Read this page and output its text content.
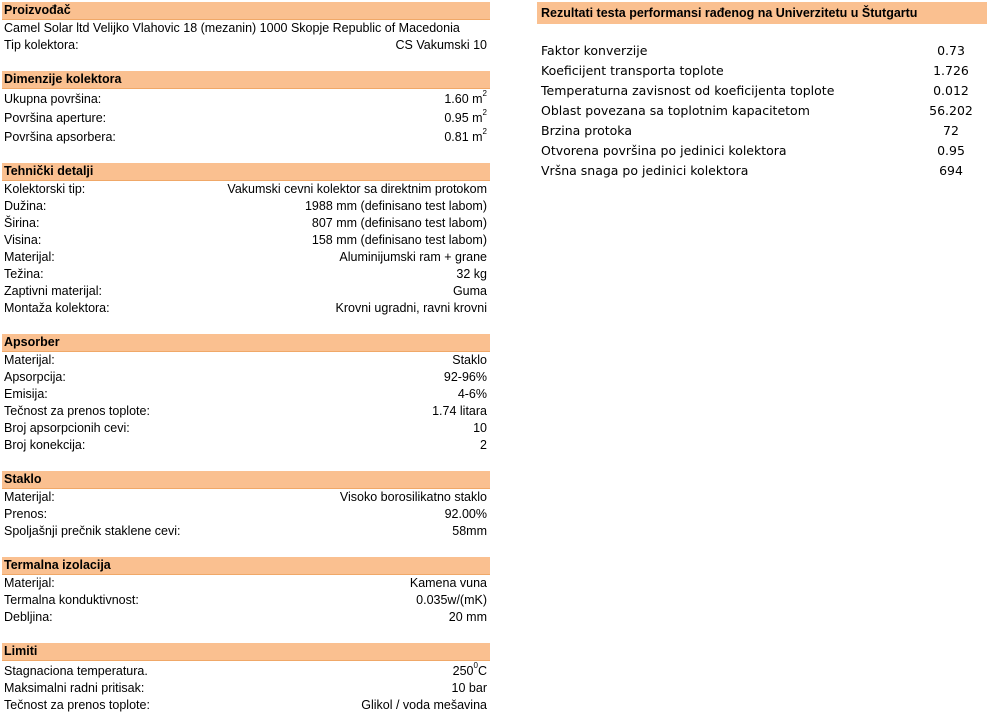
Proizvođač
Camel Solar ltd Velijko Vlahovic 18 (mezanin) 1000 Skopje Republic of Macedonia
Tip kolektora:	CS Vakumski 10
Dimenzije kolektora
Ukupna površina:	1.60 $m^2$
Površina aperture:	0.95 $m^2$
Površina apsorbera:	0.81 $m^2$
Tehnički detalji
Kolektorski tip:	Vakumski cevni kolektor sa direktnim protokom
Dužina:	1988 mm (definisano test labom)
Širina:	807 mm (definisano test labom)
Visina:	158 mm (definisano test labom)
Materijal:	Aluminijumski ram + grane
Težina:	32 kg
Zaptivni materijal:	Guma
Montaža kolektora:	Krovni ugradni, ravni krovni
Apsorber
Materijal:	Staklo
Apsorpcija:	92-96%
Emisija:	4-6%
Tečnost za prenos toplote:	1.74 litara
Broj apsorpcionih cevi:	10
Broj konekcija:	2
Staklo
Materijal:	Visoko borosilikatno staklo
Prenos:	92.00%
Spoljašnji prečnik staklene cevi:	58mm
Termalna izolacija
Materijal:	Kamena vuna
Termalna konduktivnost:	0.035w/(mK)
Debljina:	20 mm
Limiti
Stagnaciona temperatura.	$250^0C$
Maksimalni radni pritisak:	10 bar
Tečnost za prenos toplote:	Glikol / voda mešavina
Rezultati testa performansi rađenog na Univerzitetu u Štutgartu
Faktor konverzije	0.73
Koeficijent transporta toplote	1.726
Temperaturna zavisnost od koeficijenta toplote	0.012
Oblast povezana sa toplotnim kapacitetom	56.202
Brzina protoka	72
Otvorena površina po jedinici kolektora	0.95
Vršna snaga po jedinici kolektora	694
